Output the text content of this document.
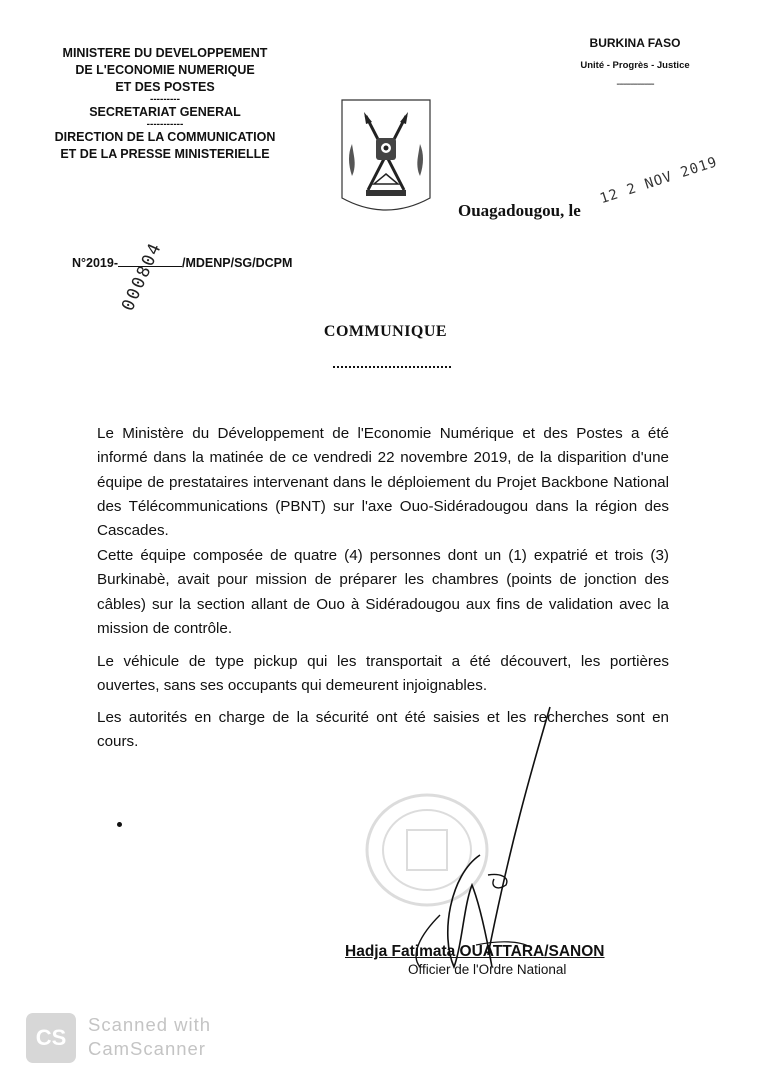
MINISTERE DU DEVELOPPEMENT
DE L'ECONOMIE NUMERIQUE
ET DES POSTES
---------
SECRETARIAT GENERAL
-----------
DIRECTION DE LA COMMUNICATION
ET DE LA PRESSE MINISTERIELLE
BURKINA FASO
Unité - Progrès - Justice
----------------
Ouagadougou, le
12 2 NOV 2019
N°2019-	/MDENP/SG/DCPM
000804
COMMUNIQUE
Le Ministère du Développement de l'Economie Numérique et des Postes a été informé dans la matinée de ce vendredi 22 novembre 2019, de la disparition d'une équipe de prestataires intervenant dans le déploiement du Projet Backbone National des Télécommunications (PBNT) sur l'axe Ouo-Sidéradougou dans la région des Cascades.
Cette équipe composée de quatre (4) personnes dont un (1) expatrié et trois (3) Burkinabè, avait pour mission de préparer les chambres (points de jonction des câbles) sur la section allant de Ouo à Sidéradougou aux fins de validation avec la mission de contrôle.
Le véhicule de type pickup qui les transportait a été découvert, les portières ouvertes, sans ses occupants qui demeurent injoignables.
Les autorités en charge de la sécurité ont été saisies et les recherches sont en cours.
Hadja Fatimata OUATTARA/SANON
Officier de l'Ordre National
CS
Scanned with
CamScanner
